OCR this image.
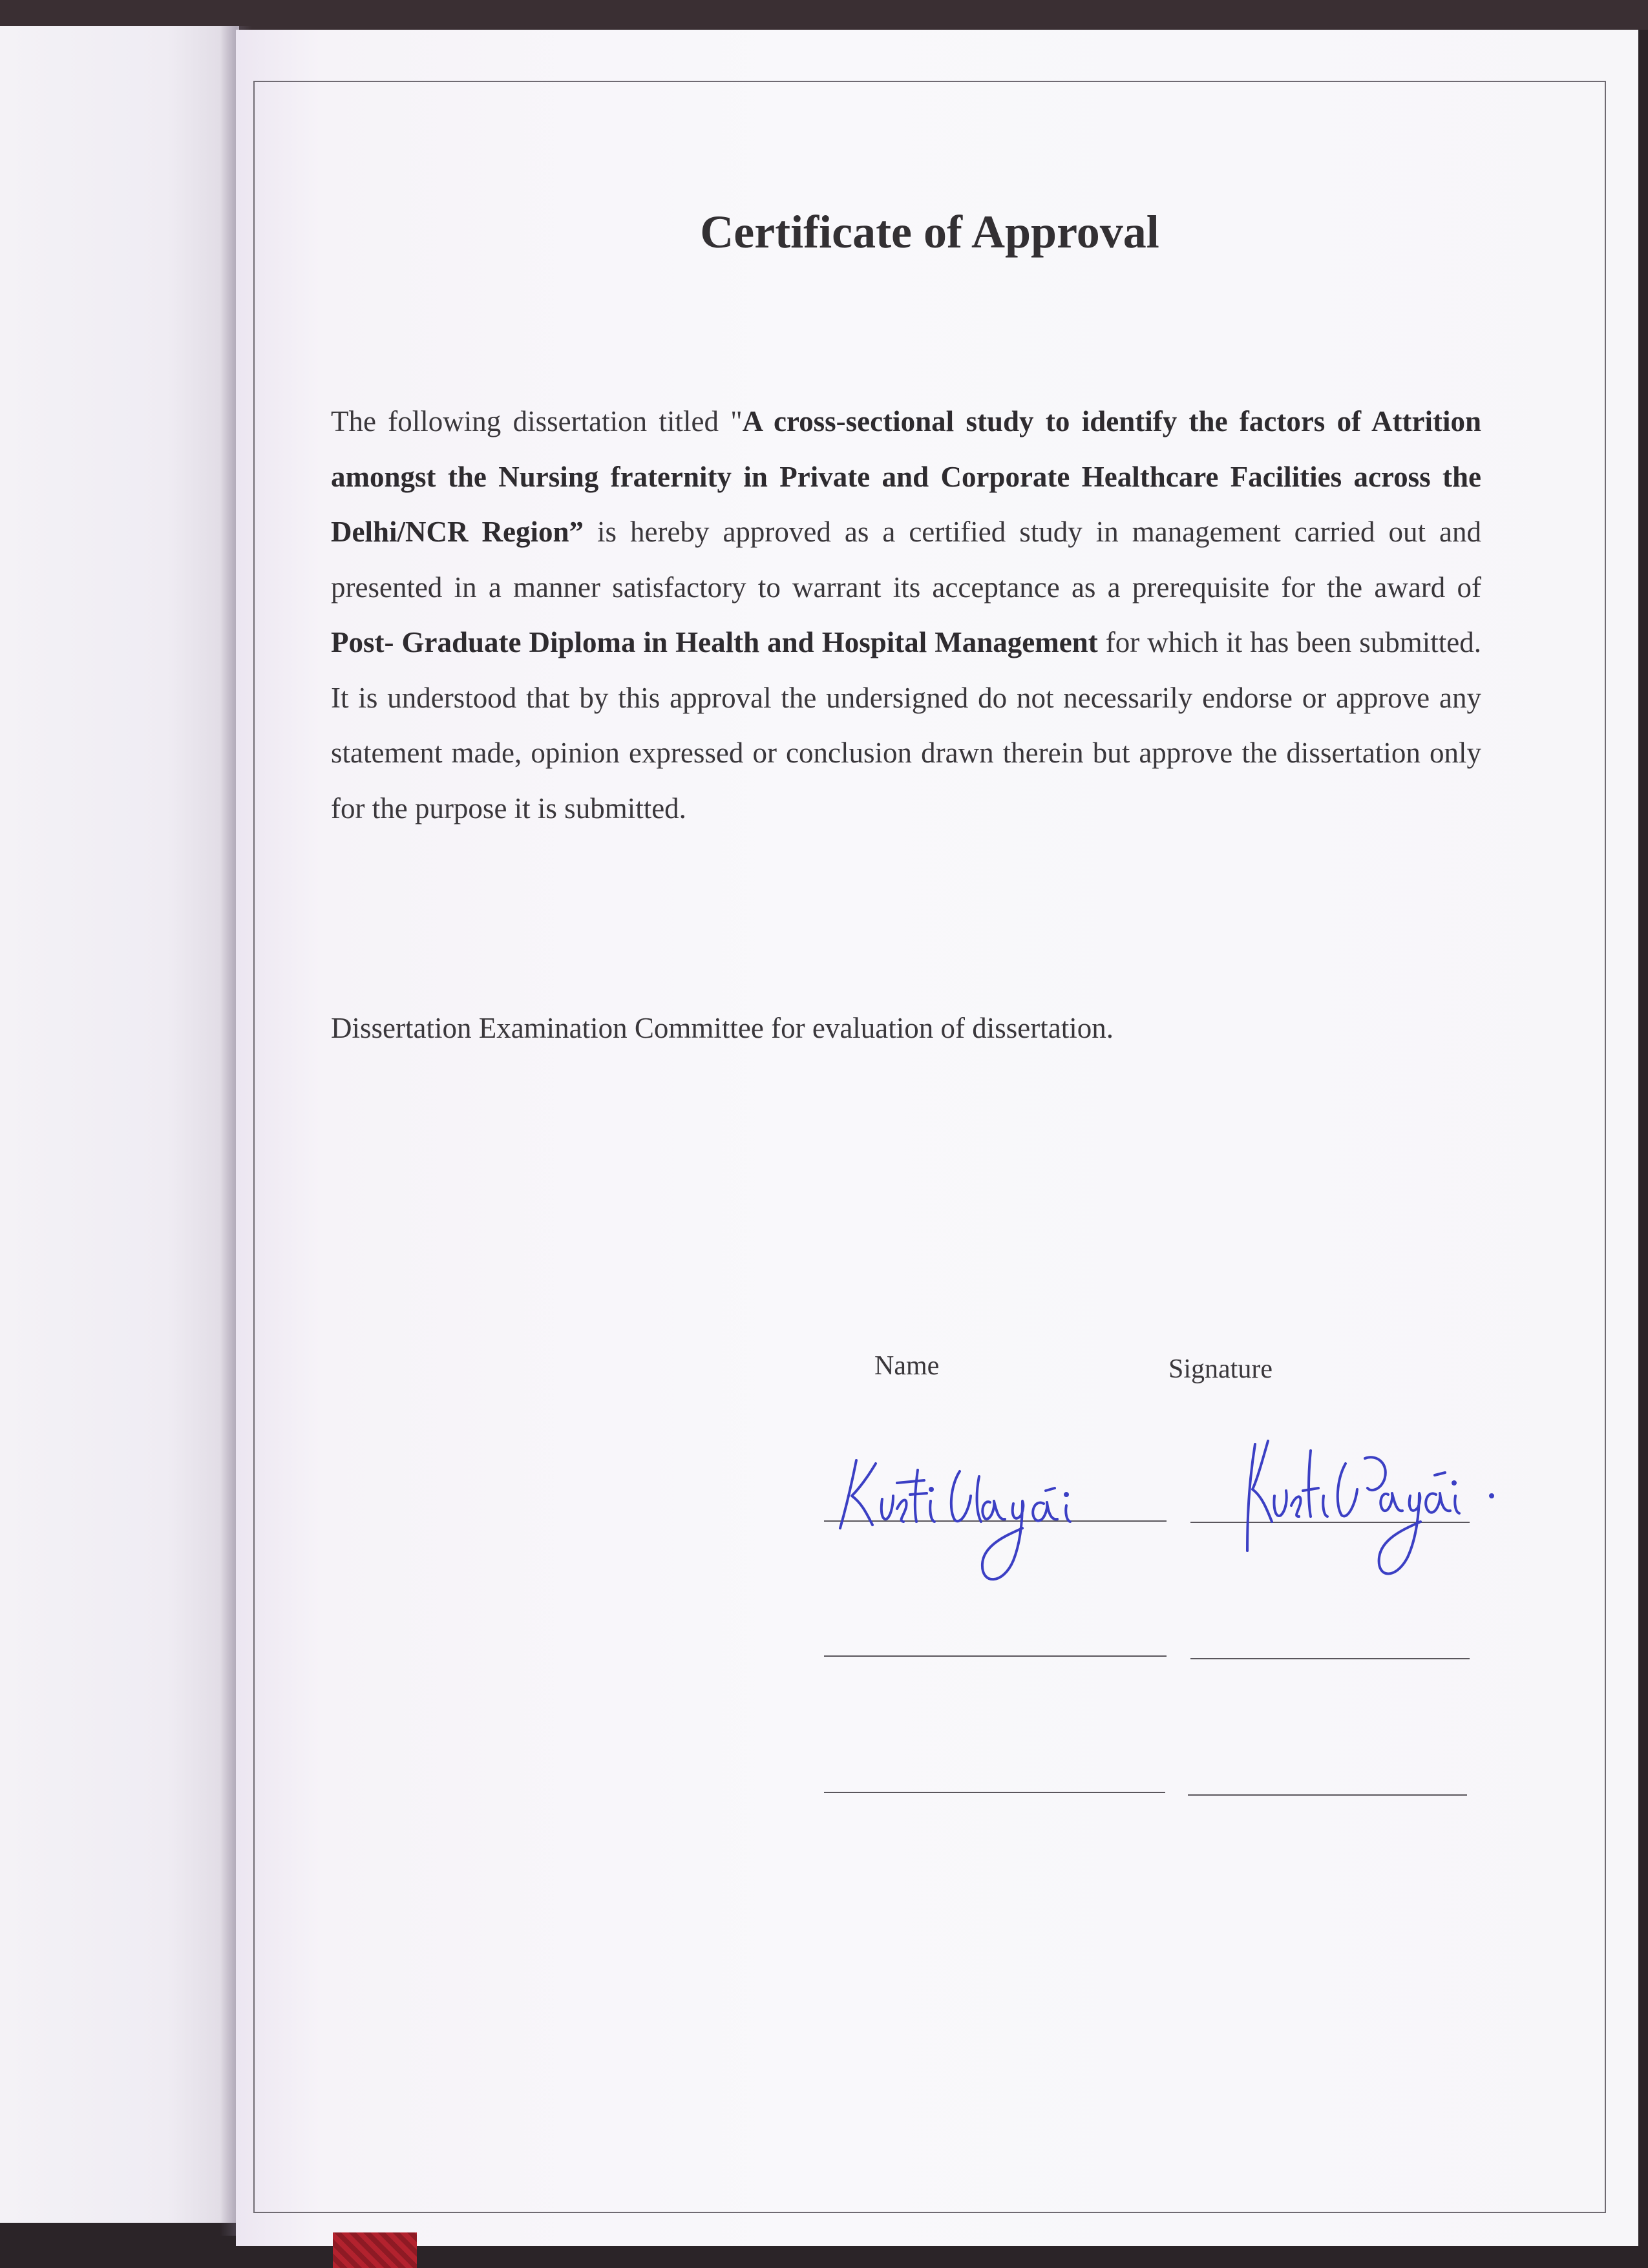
Certificate of Approval

The following dissertation titled "A cross-sectional study to identify the factors of Attrition amongst the Nursing fraternity in Private and Corporate Healthcare Facilities across the Delhi/NCR Region” is hereby approved as a certified study in management carried out and presented in a manner satisfactory to warrant its acceptance as a prerequisite for the award of Post- Graduate Diploma in Health and Hospital Management for which it has been submitted. It is understood that by this approval the undersigned do not necessarily endorse or approve any statement made, opinion expressed or conclusion drawn therein but approve the dissertation only for the purpose it is submitted.

Dissertation Examination Committee for evaluation of dissertation.

Name	Signature
